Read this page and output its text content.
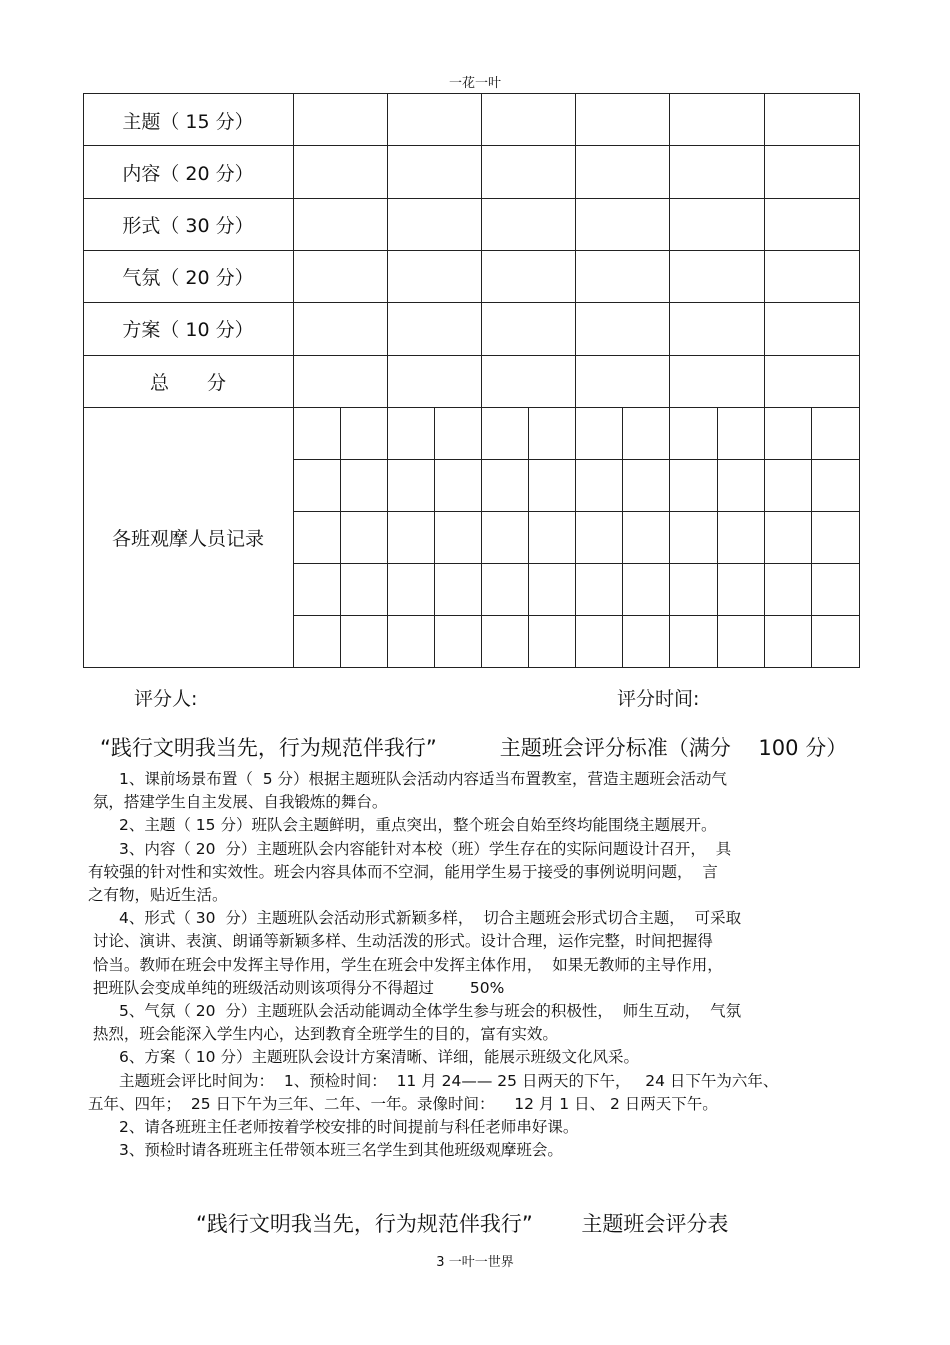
一花一叶
主题（ 15 分）
内容（ 20 分）
形式（ 30 分）
气氛（ 20 分）
方案（ 10 分）
总　　分
各班观摩人员记录
评分人:	评分时间:
“践行文明我当先，行为规范伴我行”　　　主题班会评分标准（满分　 100 分）
　　1、课前场景布置（  5 分）根据主题班队会活动内容适当布置教室，营造主题班会活动气
氛，搭建学生自主发展、自我锻炼的舞台。
　　2、主题（ 15 分）班队会主题鲜明，重点突出，整个班会自始至终均能围绕主题展开。
　　3、内容（ 20  分）主题班队会内容能针对本校（班）学生存在的实际问题设计召开，  具
有较强的针对性和实效性。班会内容具体而不空洞，能用学生易于接受的事例说明问题，  言
之有物，贴近生活。
　　4、形式（ 30  分）主题班队会活动形式新颖多样，  切合主题班会形式切合主题，  可采取
讨论、演讲、表演、朗诵等新颖多样、生动活泼的形式。设计合理，运作完整，时间把握得
恰当。教师在班会中发挥主导作用，学生在班会中发挥主体作用，  如果无教师的主导作用，
把班队会变成单纯的班级活动则该项得分不得超过　　 50%
　　5、气氛（ 20  分）主题班队会活动能调动全体学生参与班会的积极性，  师生互动，  气氛
热烈，班会能深入学生内心，达到教育全班学生的目的，富有实效。
　　6、方案（ 10 分）主题班队会设计方案清晰、详细，能展示班级文化风采。
　　主题班会评比时间为：  1、预检时间：  11 月 24—— 25 日两天的下午，   24 日下午为六年、
五年、四年；  25 日下午为三年、二年、一年。录像时间：    12 月 1 日、 2 日两天下午。
　　2、请各班班主任老师按着学校安排的时间提前与科任老师串好课。
　　3、预检时请各班班主任带领本班三名学生到其他班级观摩班会。
“践行文明我当先，行为规范伴我行”　　 主题班会评分表
3 一叶一世界
